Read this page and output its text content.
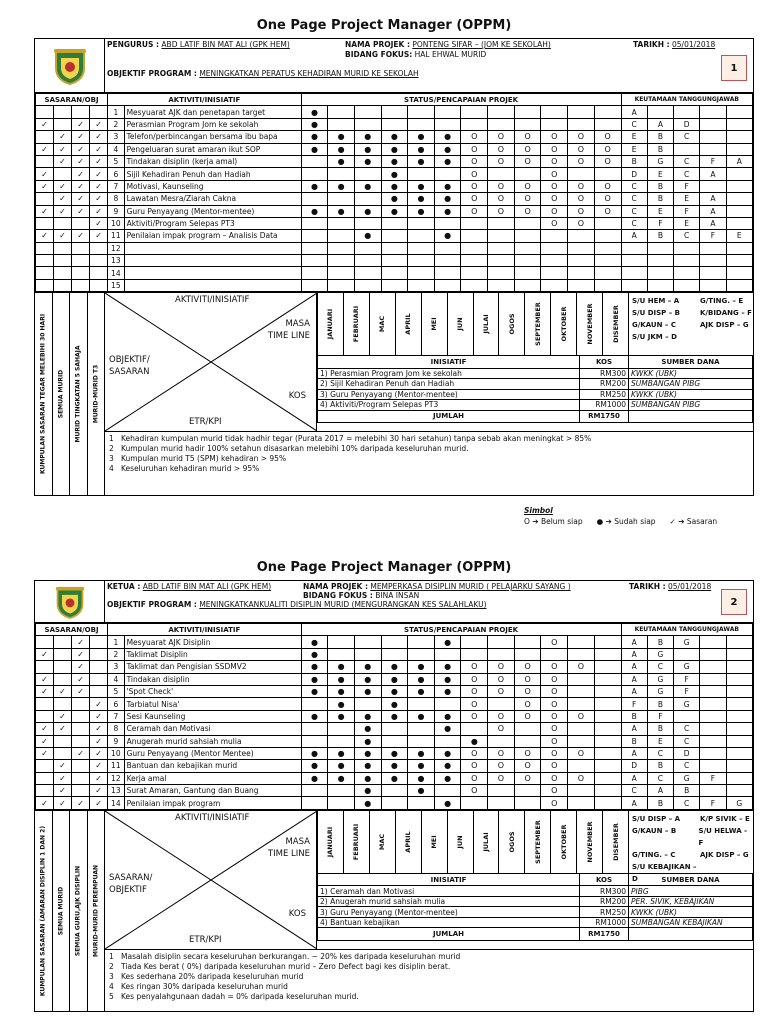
One Page Project Manager (OPPM)
PENGURUS : ABD LATIF BIN MAT ALI (GPK HEM)	NAMA PROJEK : PONTENG SIFAR – (JOM KE SEKOLAH)
BIDANG FOKUS: HAL EHWAL MURID
TARIKH : 05/01/2018
OBJEKTIF PROGRAM : MENINGKATKAN PERATUS KEHADIRAN MURID KE SEKOLAH	1
SASARAN/OBJ				AKTIVITI/INISIATIF		STATUS/PENCAPAIAN PROJEK												KEUTAMAAN TANGGUNGJAWAB				
				1	Mesyuarat AJK dan penetapan target	●												A				
✓		✓	✓	2	Perasmian Program Jom ke sekolah	●												C	A	D		
	✓	✓	✓	3	Telefon/perbincangan bersama ibu bapa	●	●	●	●	●	●	O	O	O	O	O	O	E	B	C		
✓	✓	✓	✓	4	Pengeluaran surat amaran ikut SOP	●	●	●	●	●	●	O	O	O	O	O	O	E	B			
	✓	✓	✓	5	Tindakan disiplin (kerja amal)		●	●	●	●	●	O	O	O	O	O	O	B	G	C	F	A
✓		✓	✓	6	Sijil Kehadiran Penuh dan Hadiah				●			O			O			D	E	C	A	
✓	✓	✓	✓	7	Motivasi, Kaunseling	●	●	●	●	●	●	O	O	O	O	O	O	C	B	F		
	✓	✓	✓	8	Lawatan Mesra/Ziarah Cakna				●	●	●	O	O	O	O	O	O	C	B	E	A	
✓	✓	✓	✓	9	Guru Penyayang (Mentor-mentee)	●	●	●	●	●	●	O	O	O	O	O	O	C	E	F	A	
			✓	10	Aktiviti/Program Selepas PT3										O	O		C	F	E	A	
✓	✓	✓	✓	11	Penilaian impak program – Analisis Data			●			●							A	B	C	F	E
				12																		
				13																		
				14																		
				15																		
KUMPULAN SASARAN TEGAR MELEBIHI 30 HARI SEMUA MURID MURID TINGKATAN 5 SAHAJA MURID-MURID T3
AKTIVITI/INISIATIF
MASA
TIME LINE
OBJEKTIF/
SASARAN
KOS
ETR/KPI
JANUARI	FEBRUARI	MAC	APRIL	MEI	JUN	JULAI	OGOS	SEPTEMBER	OKTOBER	NOVEMBER	DISEMBER
S/U HEM – A	G/TING. – E
S/U DISP – B	K/BIDANG – F
G/KAUN – C	AJK DISP – G
S/U JKM – D
INISIATIF	KOS	SUMBER DANA
1) Perasmian Program Jom ke sekolah	RM300	KWKK (UBK)
2) Sijil Kehadiran Penuh dan Hadiah	RM200	SUMBANGAN PIBG
3) Guru Penyayang (Mentor-mentee)	RM250	KWKK (UBK)
4) Aktiviti/Program Selepas PT3	RM1000	SUMBANGAN PIBG
JUMLAH	RM1750	
1 Kehadiran kumpulan murid tidak hadhir tegar (Purata 2017 = melebihi 30 hari setahun) tanpa sebab akan meningkat > 85%
2 Kumpulan murid hadir 100% setahun disasarkan melebihi 10% daripada keseluruhan murid.
3 Kumpulan murid T5 (SPM) kehadiran > 95%
4 Keseluruhan kehadiran murid > 95%
Simbol
O ➔ Belum siap ● ➔ Sudah siap ✓ ➔ Sasaran
One Page Project Manager (OPPM)
KETUA : ABD LATIF BIN MAT ALI (GPK HEM)	NAMA PROJEK : MEMPERKASA DISIPLIN MURID ( PELAJARKU SAYANG )
BIDANG FOKUS : BINA INSAN
TARIKH : 05/01/2018
OBJEKTIF PROGRAM : MENINGKATKANKUALITI DISIPLIN MURID (MENGURANGKAN KES SALAHLAKU)	2
SASARAN/OBJ				AKTIVITI/INISIATIF		STATUS/PENCAPAIAN PROJEK												KEUTAMAAN TANGGUNGJAWAB				
		✓		1	Mesyuarat AJK Disiplin	●					●				O			A	B	G		
✓		✓		2	Taklimat Disiplin	●												A	G			
		✓		3	Taklimat dan Pengisian SSDMV2	●	●	●	●	●	●	O	O	O	O	O		A	C	G		
✓		✓		4	Tindakan disiplin	●	●	●	●	●	●	O	O	O	O			A	G	F		
✓	✓	✓		5	'Spot Check'	●	●	●	●	●	●	O	O	O	O			A	G	F		
			✓	6	Tarbiatul Nisa'		●		●			O		O	O			F	B	G		
	✓		✓	7	Sesi Kaunseling	●	●	●	●	●	●	O	O	O	O	O		B	F			
✓	✓		✓	8	Ceramah dan Motivasi			●			●		O		O			A	B	C		
✓			✓	9	Anugerah murid sahsiah mulia			●				●			O			B	E	C		
✓		✓	✓	10	Guru Penyayang (Mentor Mentee)	●	●	●	●	●	●	O	O	O	O	O		A	C	D		
	✓		✓	11	Bantuan dan kebajikan murid	●	●	●	●	●	●	O	O	O	O			D	B	C		
	✓		✓	12	Kerja amal	●	●	●	●	●	●	O	O	O	O	O		A	C	G	F	
	✓		✓	13	Surat Amaran, Gantung dan Buang			●		●		O			O			C	A	B		
✓	✓	✓	✓	14	Penilaian impak program			●			●				O			A	B	C	F	G
KUMPULAN SASARAN (AMARAN DISIPLIN 1 DAN 2) SEMUA MURID SEMUA GURU,AJK DISIPLIN MURID-MURID PEREMPUAN
AKTIVITI/INISIATIF
MASA
TIME LINE
SASARAN/
OBJEKTIF
KOS
ETR/KPI
JANUARI	FEBRUARI	MAC	APRIL	MEI	JUN	JULAI	OGOS	SEPTEMBER	OKTOBER	NOVEMBER	DISEMBER
S/U DISP – A	K/P SIVIK – E
G/KAUN – B	S/U HELWA - F
G/TING. – C	AJK DISP – G
S/U KEBAJIKAN – D
INISIATIF	KOS	SUMBER DANA
1) Ceramah dan Motivasi	RM300	PIBG
2) Anugerah murid sahsiah mulia	RM200	PER. SIVIK, KEBAJIKAN
3) Guru Penyayang (Mentor-mentee)	RM250	KWKK (UBK)
4) Bantuan kebajikan	RM1000	SUMBANGAN KEBAJIKAN
JUMLAH	RM1750	
1 Masalah disiplin secara keseluruhan berkurangan. ~ 20% kes daripada keseluruhan murid
2 Tiada Kes berat ( 0%) daripada keseluruhan murid – Zero Defect bagi kes disiplin berat.
3 Kes sederhana 20% daripada keseluruhan murid
4 Kes ringan 30% daripada keseluruhan murid
5 Kes penyalahgunaan dadah = 0% daripada keseluruhan murid.
